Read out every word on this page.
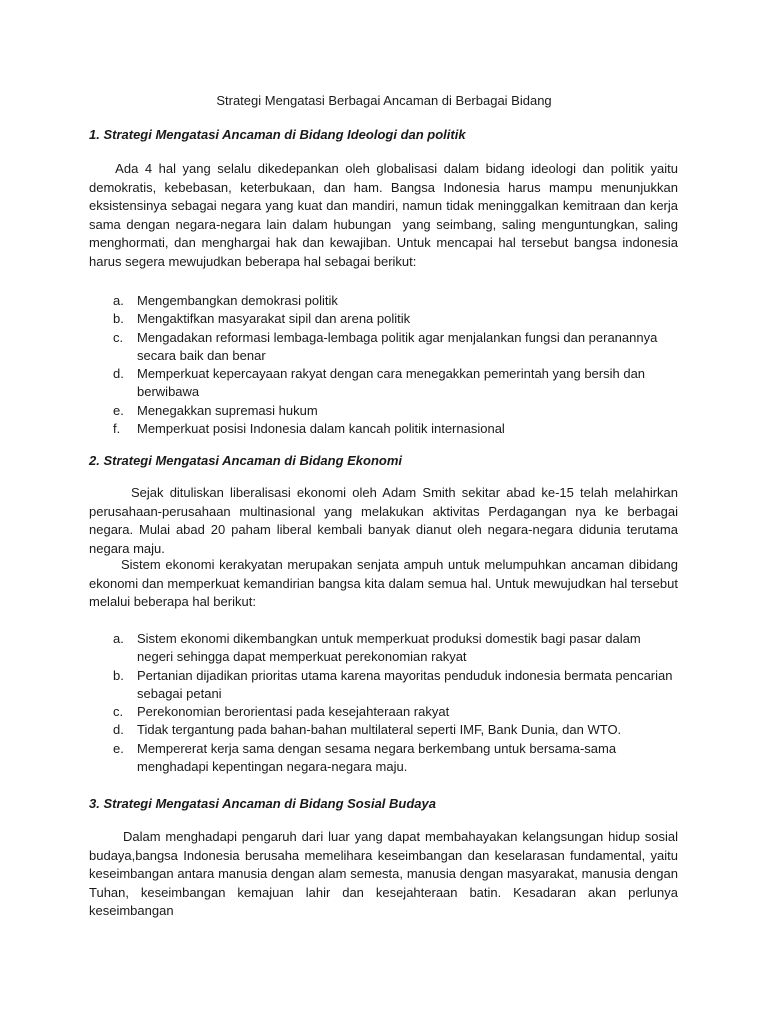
Strategi Mengatasi Berbagai Ancaman di Berbagai Bidang
1. Strategi Mengatasi Ancaman di Bidang Ideologi dan politik
Ada 4 hal yang selalu dikedepankan oleh globalisasi dalam bidang ideologi dan politik yaitu demokratis, kebebasan, keterbukaan, dan ham. Bangsa Indonesia harus mampu menunjukkan eksistensinya sebagai negara yang kuat dan mandiri, namun tidak meninggalkan kemitraan dan kerja sama dengan negara-negara lain dalam hubungan  yang seimbang, saling menguntungkan, saling menghormati, dan menghargai hak dan kewajiban. Untuk mencapai hal tersebut bangsa indonesia harus segera mewujudkan beberapa hal sebagai berikut:
a. Mengembangkan demokrasi politik
b. Mengaktifkan masyarakat sipil dan arena politik
c. Mengadakan reformasi lembaga-lembaga politik agar menjalankan fungsi dan peranannya secara baik dan benar
d. Memperkuat kepercayaan rakyat dengan cara menegakkan pemerintah yang bersih dan berwibawa
e. Menegakkan supremasi hukum
f. Memperkuat posisi Indonesia dalam kancah politik internasional
2. Strategi Mengatasi Ancaman di Bidang Ekonomi
Sejak dituliskan liberalisasi ekonomi oleh Adam Smith sekitar abad ke-15 telah melahirkan perusahaan-perusahaan multinasional yang melakukan aktivitas Perdagangan nya ke berbagai negara. Mulai abad 20 paham liberal kembali banyak dianut oleh negara-negara didunia terutama negara maju.
Sistem ekonomi kerakyatan merupakan senjata ampuh untuk melumpuhkan ancaman dibidang ekonomi dan memperkuat kemandirian bangsa kita dalam semua hal. Untuk mewujudkan hal tersebut melalui beberapa hal berikut:
a. Sistem ekonomi dikembangkan untuk memperkuat produksi domestik bagi pasar dalam negeri sehingga dapat memperkuat perekonomian rakyat
b. Pertanian dijadikan prioritas utama karena mayoritas penduduk indonesia bermata pencarian sebagai petani
c. Perekonomian berorientasi pada kesejahteraan rakyat
d. Tidak tergantung pada bahan-bahan multilateral seperti IMF, Bank Dunia, dan WTO.
e. Mempererat kerja sama dengan sesama negara berkembang untuk bersama-sama menghadapi kepentingan negara-negara maju.
3. Strategi Mengatasi Ancaman di Bidang Sosial Budaya
Dalam menghadapi pengaruh dari luar yang dapat membahayakan kelangsungan hidup sosial budaya,bangsa Indonesia berusaha memelihara keseimbangan dan keselarasan fundamental, yaitu keseimbangan antara manusia dengan alam semesta, manusia dengan masyarakat, manusia dengan Tuhan, keseimbangan kemajuan lahir dan kesejahteraan batin. Kesadaran akan perlunya keseimbangan
